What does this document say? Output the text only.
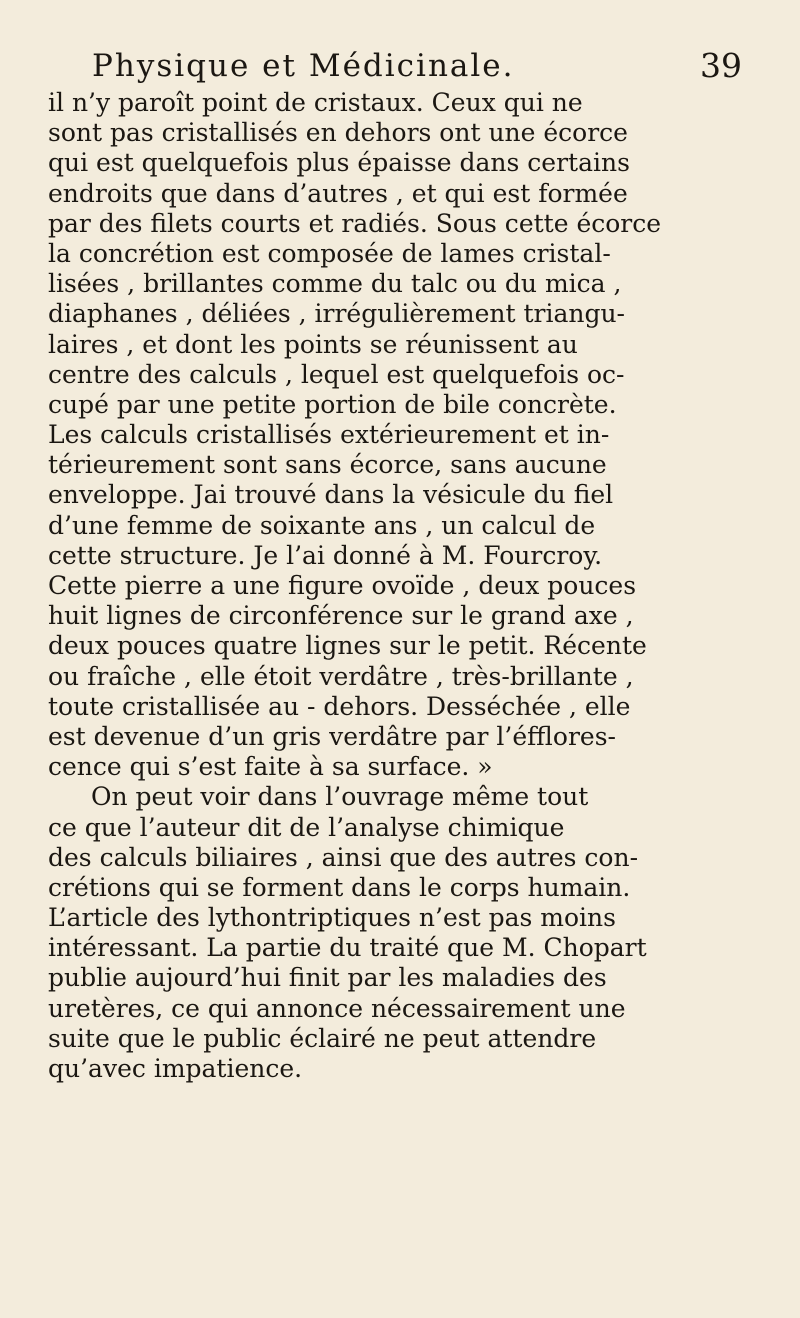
Physique et Médicinale.	39
il n’y paroît point de cristaux. Ceux qui ne
sont pas cristallisés en dehors ont une écorce
qui est quelquefois plus épaisse dans certains
endroits que dans d’autres , et qui est formée
par des filets courts et radiés. Sous cette écorce
la concrétion est composée de lames cristal-
lisées , brillantes comme du talc ou du mica ,
diaphanes , déliées , irrégulièrement triangu-
laires , et dont les points se réunissent au
centre des calculs , lequel est quelquefois oc-
cupé par une petite portion de bile concrète.
Les calculs cristallisés extérieurement et in-
térieurement sont sans écorce, sans aucune
enveloppe. Jai trouvé dans la vésicule du fiel
d’une femme de soixante ans , un calcul de
cette structure. Je l’ai donné à M. Fourcroy.
Cette pierre a une figure ovoïde , deux pouces
huit lignes de circonférence sur le grand axe ,
deux pouces quatre lignes sur le petit. Récente
ou fraîche , elle étoit verdâtre , très-brillante ,
toute cristallisée au - dehors. Desséchée , elle
est devenue d’un gris verdâtre par l’éfflores-
cence qui s’est faite à sa surface. »
On peut voir dans l’ouvrage même tout
ce que l’auteur dit de l’analyse chimique
des calculs biliaires , ainsi que des autres con-
crétions qui se forment dans le corps humain.
L’article des lythontriptiques n’est pas moins
intéressant. La partie du traité que M. Chopart
publie aujourd’hui finit par les maladies des
uretères, ce qui annonce nécessairement une
suite que le public éclairé ne peut attendre
qu’avec impatience.
